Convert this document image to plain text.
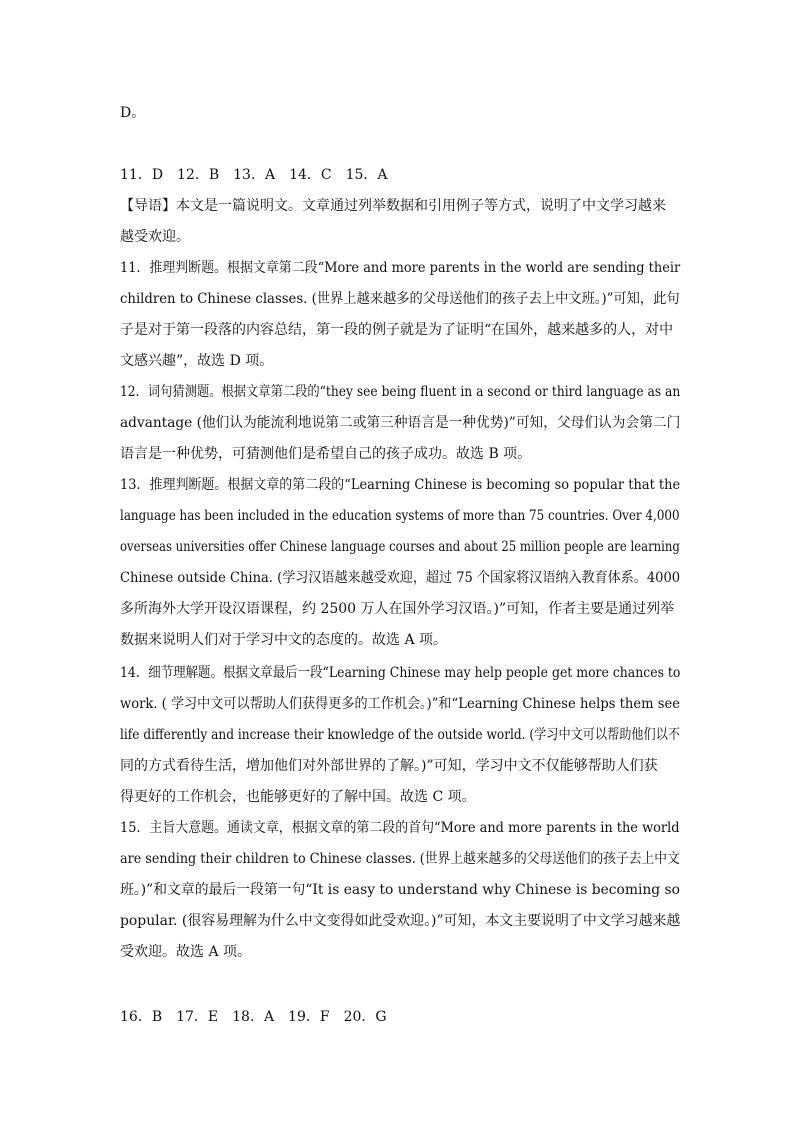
D。
11．D　12．B　13．A　14．C　15．A
【导语】本文是一篇说明文。文章通过列举数据和引用例子等方式，说明了中文学习越来
越受欢迎。
11．推理判断题。根据文章第二段“More and more parents in the world are sending their
children to Chinese classes. (世界上越来越多的父母送他们的孩子去上中文班。)”可知，此句
子是对于第一段落的内容总结，第一段的例子就是为了证明“在国外，越来越多的人，对中
文感兴趣”，故选 D 项。
12．词句猜测题。根据文章第二段的“they see being fluent in a second or third language as an
advantage (他们认为能流利地说第二或第三种语言是一种优势)”可知，父母们认为会第二门
语言是一种优势，可猜测他们是希望自己的孩子成功。故选 B 项。
13．推理判断题。根据文章的第二段的“Learning Chinese is becoming so popular that the
language has been included in the education systems of more than 75 countries. Over 4,000
overseas universities offer Chinese language courses and about 25 million people are learning
Chinese outside China. (学习汉语越来越受欢迎，超过 75 个国家将汉语纳入教育体系。4000
多所海外大学开设汉语课程，约 2500 万人在国外学习汉语。)”可知，作者主要是通过列举
数据来说明人们对于学习中文的态度的。故选 A 项。
14．细节理解题。根据文章最后一段“Learning Chinese may help people get more chances to
work. ( 学习中文可以帮助人们获得更多的工作机会。)”和“Learning Chinese helps them see
life differently and increase their knowledge of the outside world. (学习中文可以帮助他们以不
同的方式看待生活，增加他们对外部世界的了解。)”可知，学习中文不仅能够帮助人们获
得更好的工作机会，也能够更好的了解中国。故选 C 项。
15．主旨大意题。通读文章，根据文章的第二段的首句“More and more parents in the world
are sending their children to Chinese classes. (世界上越来越多的父母送他们的孩子去上中文
班。)”和文章的最后一段第一句“It is easy to understand why Chinese is becoming so
popular. (很容易理解为什么中文变得如此受欢迎。)”可知，本文主要说明了中文学习越来越
受欢迎。故选 A 项。
16．B　17．E　18．A　19．F　20．G
